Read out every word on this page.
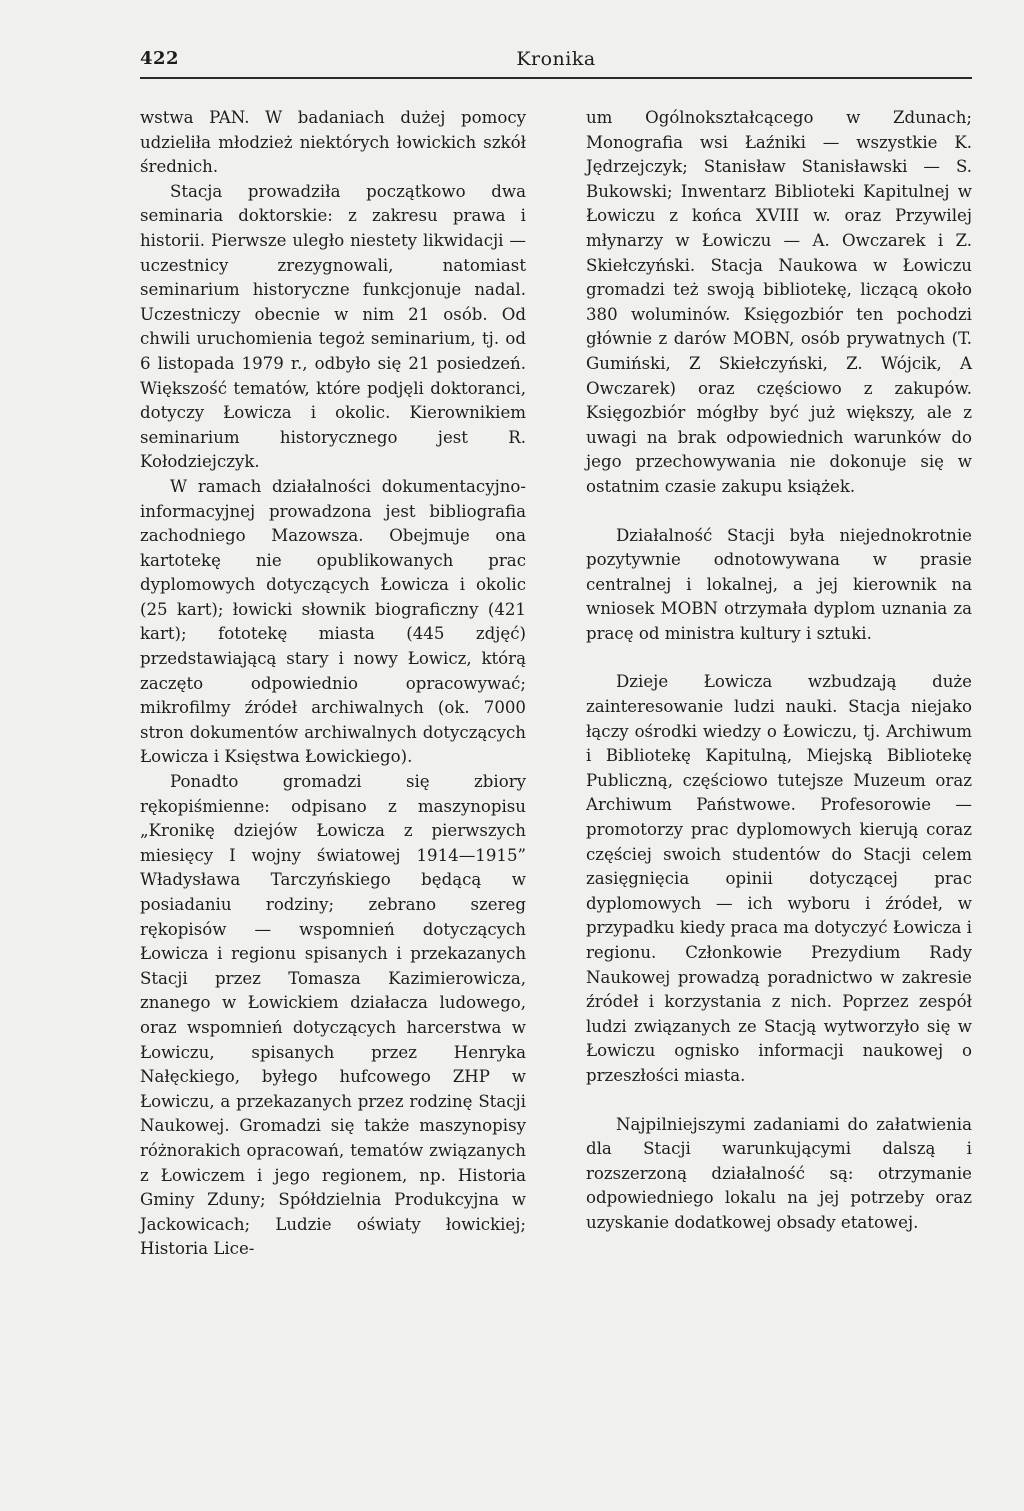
422	Kronika

wstwa PAN. W badaniach dużej pomocy udzieliła młodzież niektórych łowickich szkół średnich.

Stacja prowadziła początkowo dwa seminaria doktorskie: z zakresu prawa i historii. Pierwsze uległo niestety likwidacji — uczestnicy zrezygnowali, natomiast seminarium historyczne funkcjonuje nadal. Uczestniczy obecnie w nim 21 osób. Od chwili uruchomienia tegoż seminarium, tj. od 6 listopada 1979 r., odbyło się 21 posiedzeń. Większość tematów, które podjęli doktoranci, dotyczy Łowicza i okolic. Kierownikiem seminarium historycznego jest R. Kołodziejczyk.

W ramach działalności dokumentacyjno-informacyjnej prowadzona jest bibliografia zachodniego Mazowsza. Obejmuje ona kartotekę nie opublikowanych prac dyplomowych dotyczących Łowicza i okolic (25 kart); łowicki słownik biograficzny (421 kart); fototekę miasta (445 zdjęć) przedstawiającą stary i nowy Łowicz, którą zaczęto odpowiednio opracowywać; mikrofilmy źródeł archiwalnych (ok. 7000 stron dokumentów archiwalnych dotyczących Łowicza i Księstwa Łowickiego).

Ponadto gromadzi się zbiory rękopiśmienne: odpisano z maszynopisu „Kronikę dziejów Łowicza z pierwszych miesięcy I wojny światowej 1914—1915” Władysława Tarczyńskiego będącą w posiadaniu rodziny; zebrano szereg rękopisów — wspomnień dotyczących Łowicza i regionu spisanych i przekazanych Stacji przez Tomasza Kazimierowicza, znanego w Łowickiem działacza ludowego, oraz wspomnień dotyczących harcerstwa w Łowiczu, spisanych przez Henryka Nałęckiego, byłego hufcowego ZHP w Łowiczu, a przekazanych przez rodzinę Stacji Naukowej. Gromadzi się także maszynopisy różnorakich opracowań, tematów związanych z Łowiczem i jego regionem, np. Historia Gminy Zduny; Spółdzielnia Produkcyjna w Jackowicach; Ludzie oświaty łowickiej; Historia Lice-

um Ogólnokształcącego w Zdunach; Monografia wsi Łaźniki — wszystkie K. Jędrzejczyk; Stanisław Stanisławski — S. Bukowski; Inwentarz Biblioteki Kapitulnej w Łowiczu z końca XVIII w. oraz Przywilej młynarzy w Łowiczu — A. Owczarek i Z. Skiełczyński. Stacja Naukowa w Łowiczu gromadzi też swoją bibliotekę, liczącą około 380 woluminów. Księgozbiór ten pochodzi głównie z darów MOBN, osób prywatnych (T. Gumiński, Z Skiełczyński, Z. Wójcik, A Owczarek) oraz częściowo z zakupów. Księgozbiór mógłby być już większy, ale z uwagi na brak odpowiednich warunków do jego przechowywania nie dokonuje się w ostatnim czasie zakupu książek.

Działalność Stacji była niejednokrotnie pozytywnie odnotowywana w prasie centralnej i lokalnej, a jej kierownik na wniosek MOBN otrzymała dyplom uznania za pracę od ministra kultury i sztuki.

Dzieje Łowicza wzbudzają duże zainteresowanie ludzi nauki. Stacja niejako łączy ośrodki wiedzy o Łowiczu, tj. Archiwum i Bibliotekę Kapitulną, Miejską Bibliotekę Publiczną, częściowo tutejsze Muzeum oraz Archiwum Państwowe. Profesorowie — promotorzy prac dyplomowych kierują coraz częściej swoich studentów do Stacji celem zasięgnięcia opinii dotyczącej prac dyplomowych — ich wyboru i źródeł, w przypadku kiedy praca ma dotyczyć Łowicza i regionu. Członkowie Prezydium Rady Naukowej prowadzą poradnictwo w zakresie źródeł i korzystania z nich. Poprzez zespół ludzi związanych ze Stacją wytworzyło się w Łowiczu ognisko informacji naukowej o przeszłości miasta.

Najpilniejszymi zadaniami do załatwienia dla Stacji warunkującymi dalszą i rozszerzoną działalność są: otrzymanie odpowiedniego lokalu na jej potrzeby oraz uzyskanie dodatkowej obsady etatowej.
